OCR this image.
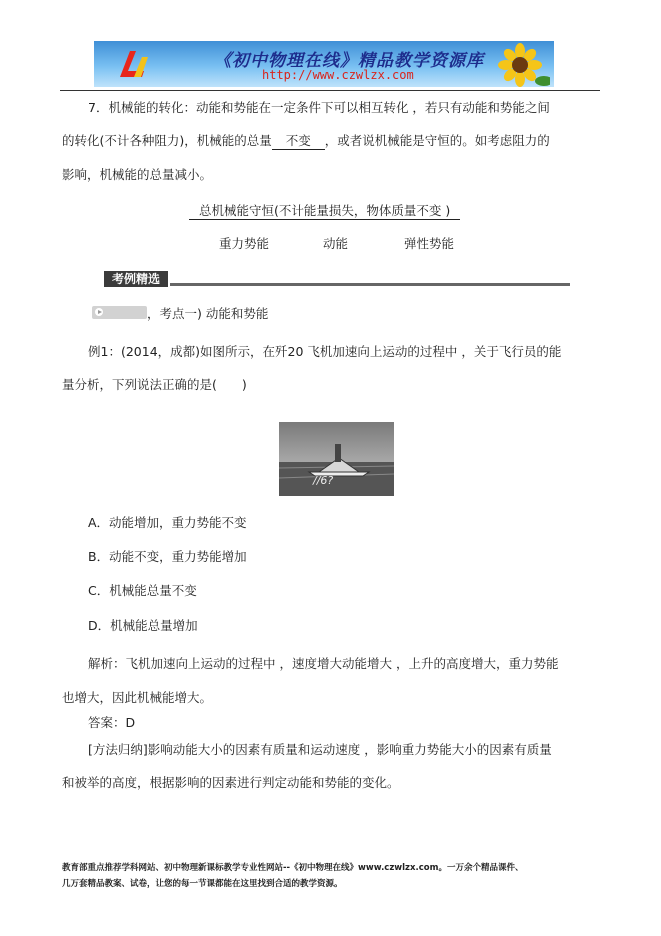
《初中物理在线》精品教学资源库
http://www.czwlzx.com
7．机械能的转化：动能和势能在一定条件下可以相互转化 ，若只有动能和势能之间
的转化(不计各种阻力)，机械能的总量 不变 ，或者说机械能是守恒的。如考虑阻力的
影响，机械能的总量减小。
总机械能守恒(不计能量损失，物体质量不变 )
重力势能	动能	弹性势能
考例精选
，考点一) 动能和势能
例1：(2014，成都)如图所示，在歼20 飞机加速向上运动的过程中 ，关于飞行员的能
量分析，下列说法正确的是(　　)
//6?
A．动能增加，重力势能不变
B．动能不变，重力势能增加
C．机械能总量不变
D．机械能总量增加
解析：飞机加速向上运动的过程中 ，速度增大动能增大 ，上升的高度增大，重力势能
也增大，因此机械能增大。
答案：D
[方法归纳]影响动能大小的因素有质量和运动速度 ，影响重力势能大小的因素有质量
和被举的高度，根据影响的因素进行判定动能和势能的变化。
教育部重点推荐学科网站、初中物理新课标教学专业性网站--《初中物理在线》www.czwlzx.com。一万余个精品课件、
几万套精品教案、试卷，让您的每一节课都能在这里找到合适的教学资源。
